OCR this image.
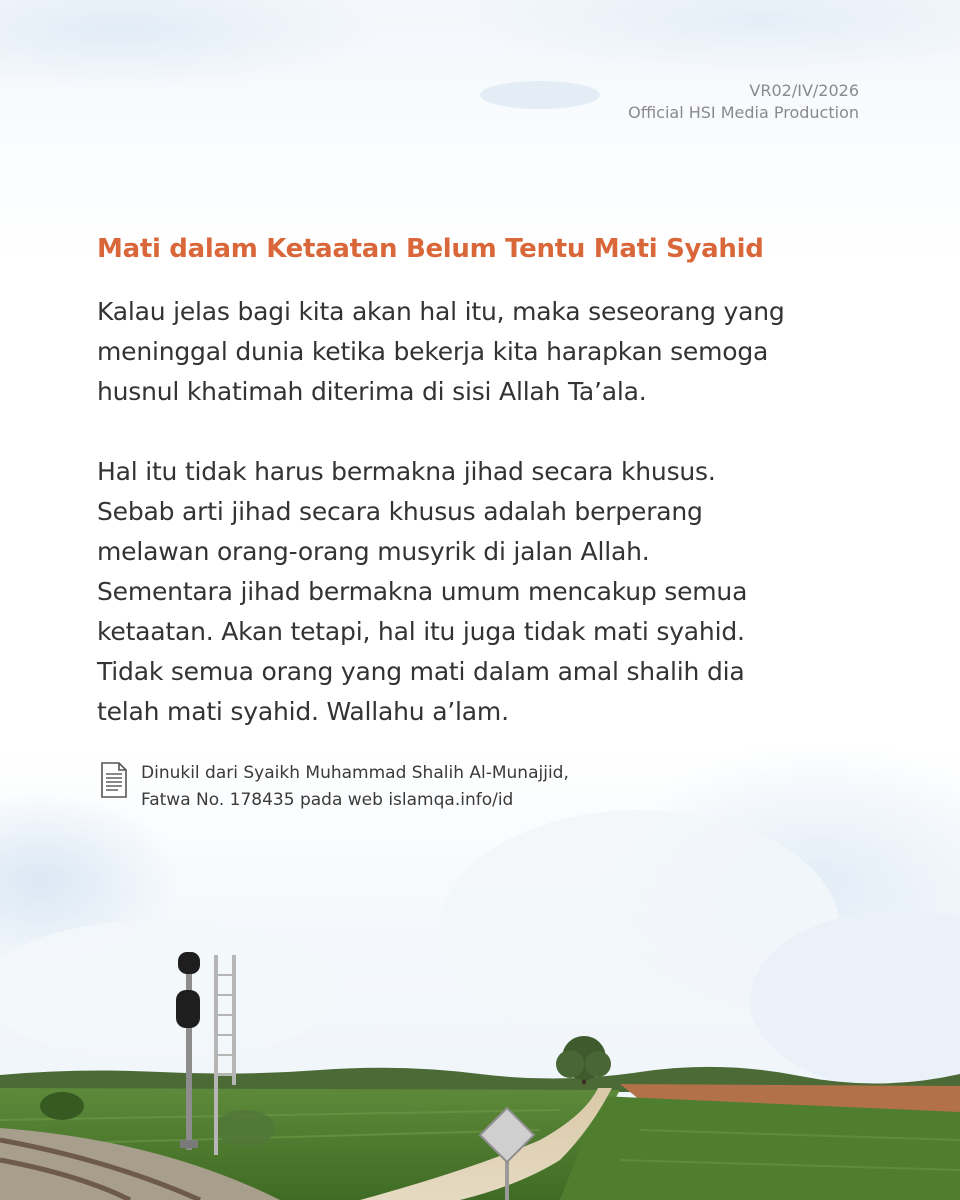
VR02/IV/2026
Official HSI Media Production
Mati dalam Ketaatan Belum Tentu Mati Syahid
Kalau jelas bagi kita akan hal itu, maka seseorang yang
meninggal dunia ketika bekerja kita harapkan semoga
husnul khatimah diterima di sisi Allah Ta’ala.
Hal itu tidak harus bermakna jihad secara khusus.
Sebab arti jihad secara khusus adalah berperang
melawan orang-orang musyrik di jalan Allah.
Sementara jihad bermakna umum mencakup semua
ketaatan. Akan tetapi, hal itu juga tidak mati syahid.
Tidak semua orang yang mati dalam amal shalih dia
telah mati syahid. Wallahu a’lam.
Dinukil dari Syaikh Muhammad Shalih Al-Munajjid,
Fatwa No. 178435 pada web islamqa.info/id
